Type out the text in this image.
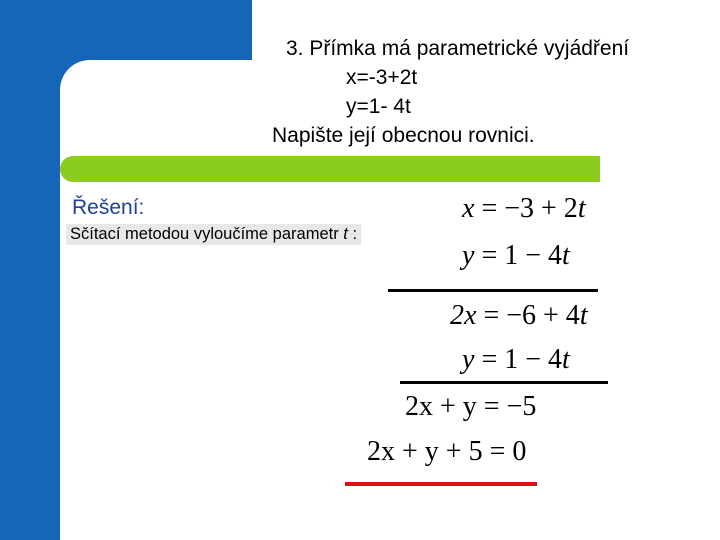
3. Přímka má parametrické vyjádření
x=-3+2t
y=1- 4t
Napište její obecnou rovnici.
Řešení:
Sčítací metodou vyloučíme parametr t :
x = −3 + 2t
y = 1 − 4t
2x = −6 + 4t
y = 1 − 4t
2x + y = −5
2x + y + 5 = 0
